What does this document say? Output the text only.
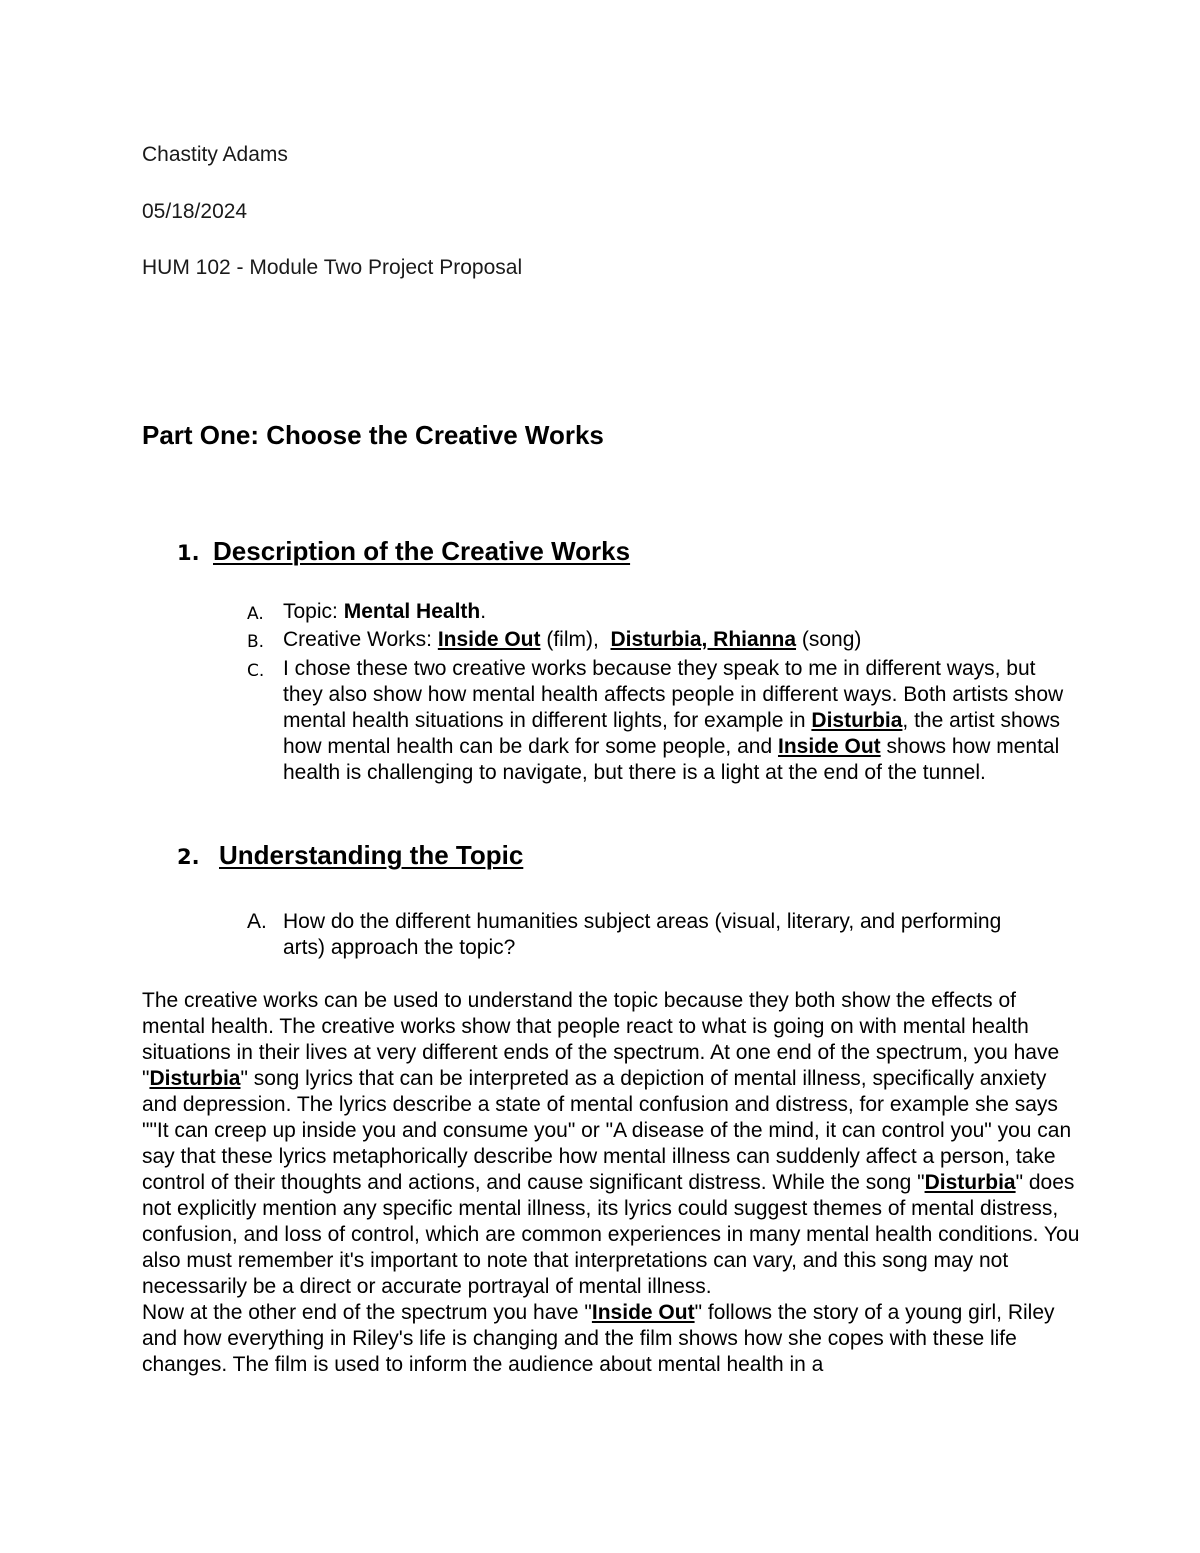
Chastity Adams
05/18/2024
HUM 102 - Module Two Project Proposal
Part One: Choose the Creative Works
1. Description of the Creative Works
A. Topic: Mental Health.
B. Creative Works: Inside Out (film),  Disturbia, Rhianna (song)
C. I chose these two creative works because they speak to me in different ways, but they also show how mental health affects people in different ways. Both artists show mental health situations in different lights, for example in Disturbia, the artist shows how mental health can be dark for some people, and Inside Out shows how mental health is challenging to navigate, but there is a light at the end of the tunnel.
2. Understanding the Topic
A. How do the different humanities subject areas (visual, literary, and performing arts) approach the topic?

The creative works can be used to understand the topic because they both show the effects of mental health. The creative works show that people react to what is going on with mental health situations in their lives at very different ends of the spectrum. At one end of the spectrum, you have "Disturbia" song lyrics that can be interpreted as a depiction of mental illness, specifically anxiety and depression. The lyrics describe a state of mental confusion and distress, for example she says ""It can creep up inside you and consume you" or "A disease of the mind, it can control you" you can say that these lyrics metaphorically describe how mental illness can suddenly affect a person, take control of their thoughts and actions, and cause significant distress. While the song "Disturbia" does not explicitly mention any specific mental illness, its lyrics could suggest themes of mental distress, confusion, and loss of control, which are common experiences in many mental health conditions. You also must remember it's important to note that interpretations can vary, and this song may not necessarily be a direct or accurate portrayal of mental illness.

Now at the other end of the spectrum you have "Inside Out" follows the story of a young girl, Riley and how everything in Riley's life is changing and the film shows how she copes with these life changes. The film is used to inform the audience about mental health in a
